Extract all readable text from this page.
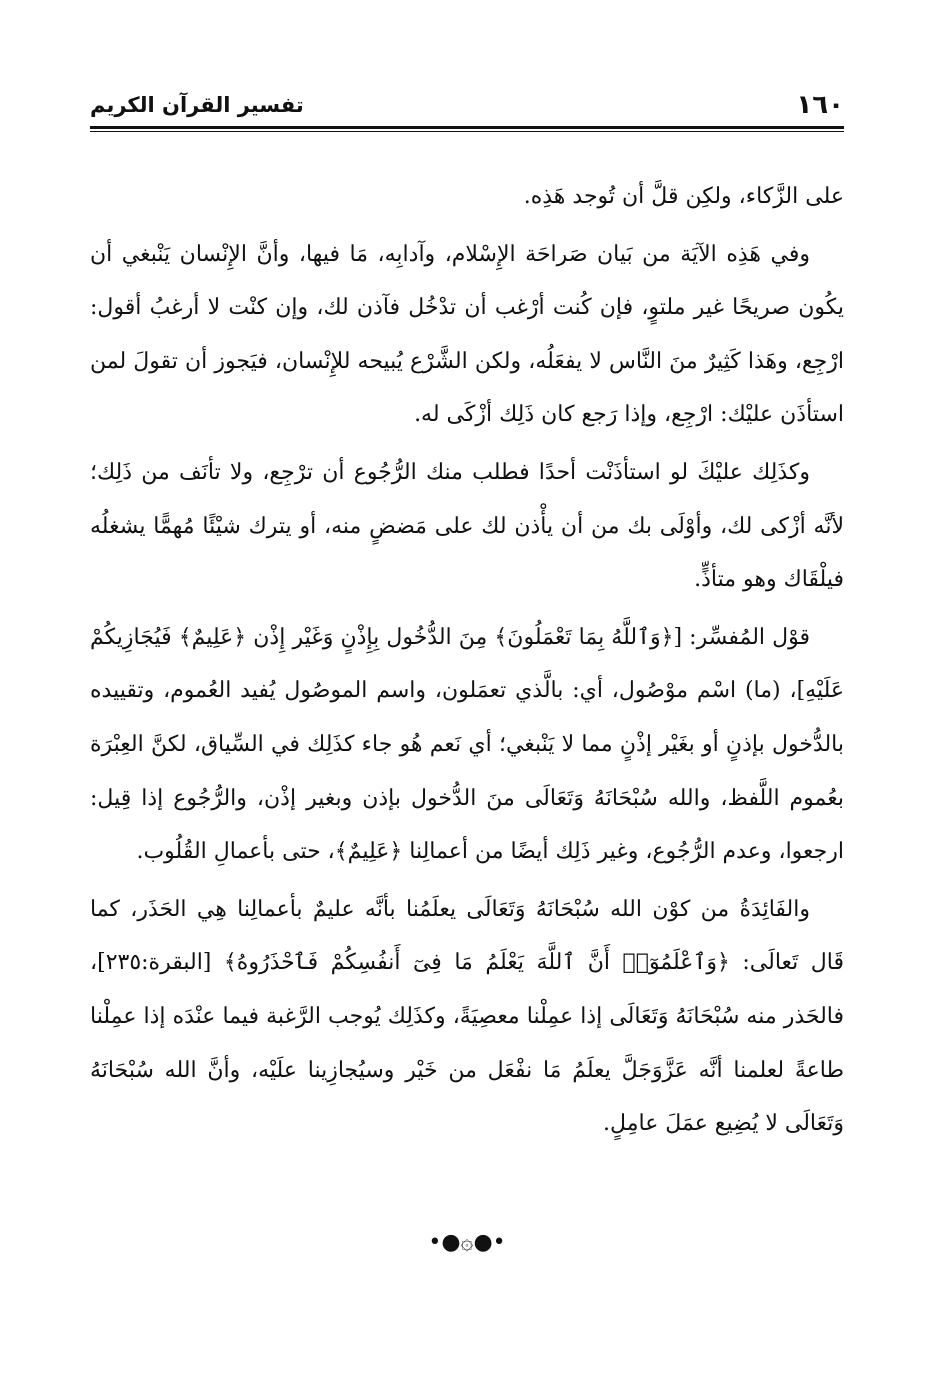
١٦٠
تفسير القرآن الكريم

على الزَّكاء، ولكِن قلَّ أن تُوجد هَذِه.

وفي هَذِه الآيَة من بَيان صَراحَة الإِسْلام، وآدابِه، مَا فيها، وأنَّ الإِنْسان يَنْبغي أن يكُون صريحًا غير ملتوٍ، فإن كُنت أرْغب أن تدْخُل فآذن لك، وإن كنْت لا أرغبُ أقول: ارْجِع، وهَذا كَثِيرٌ منَ النَّاس لا يفعَلُه، ولكن الشَّرْع يُبيحه للإِنْسان، فيَجوز أن تقولَ لمن استأذَن عليْك: ارْجِع، وإذا رَجع كان ذَلِك أزْكَى له.

وكذَلِك عليْكَ لو استأذَنْت أحدًا فطلب منك الرُّجُوع أن ترْجِع، ولا تأنَف من ذَلِك؛ لأنَّه أزْكى لك، وأوْلَى بك من أن يأْذن لك على مَضضٍ منه، أو يترك شيْئًا مُهمًّا يشغلُه فيلْقَاك وهو متأذٍّ.

قوْل المُفسِّر: [﴿وَٱللَّهُ بِمَا تَعْمَلُونَ﴾ مِنَ الدُّخُول بِإِذْنٍ وَغَيْر إِذْن ﴿عَلِيمٌ﴾ فَيُجَازِيكُمْ عَلَيْهِ]، (ما) اسْم موْصُول، أي: بالَّذي تعمَلون، واسم الموصُول يُفيد العُموم، وتقييده بالدُّخول بإذنٍ أو بغَيْر إذْنٍ مما لا يَنْبغي؛ أي نَعم هُو جاء كذَلِك في السِّياق، لكنَّ العِبْرَة بعُموم اللَّفظ، والله سُبْحَانَهُ وَتَعَالَى منَ الدُّخول بإذن وبغير إذْن، والرُّجُوع إذا قِيل: ارجعوا، وعدم الرُّجُوع، وغير ذَلِك أيضًا من أعمالِنا ﴿عَلِيمٌ﴾، حتى بأعمالِ القُلُوب.

والفَائِدَةُ من كوْن الله سُبْحَانَهُ وَتَعَالَى يعلَمُنا بأنَّه عليمٌ بأعمالِنا هِي الحَذَر، كما قَال تَعالَى: ﴿وَٱعْلَمُوٓا۟ أَنَّ ٱللَّهَ يَعْلَمُ مَا فِىٓ أَنفُسِكُمْ فَٱحْذَرُوهُ﴾ [البقرة:٢٣٥]، فالحَذر منه سُبْحَانَهُ وَتَعَالَى إذا عمِلْنا معصِيَةً، وكذَلِك يُوجب الرَّغبة فيما عنْدَه إذا عمِلْنا طاعةً لعلمنا أنَّه عَزَّوَجَلَّ يعلَمُ مَا نفْعَل من خَيْر وسيُجازِينا علَيْه، وأنَّ الله سُبْحَانَهُ وَتَعَالَى لا يُضِيع عمَلَ عامِلٍ.

•●۞●•
